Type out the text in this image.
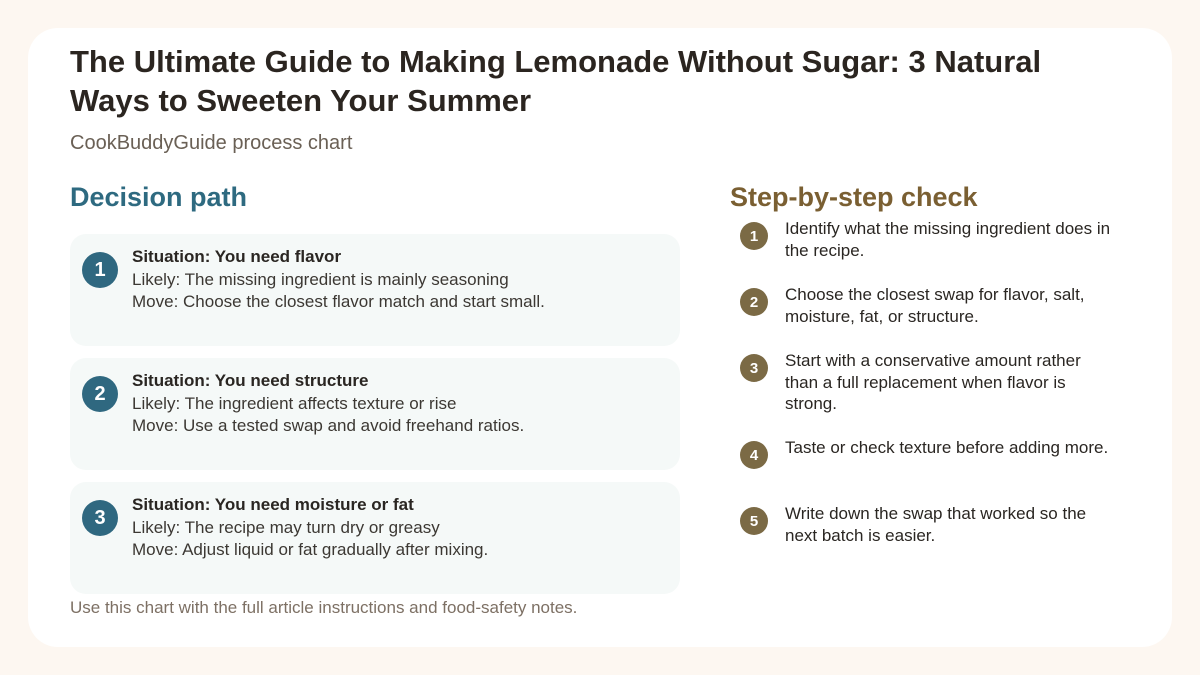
The Ultimate Guide to Making Lemonade Without Sugar: 3 Natural Ways to Sweeten Your Summer
CookBuddyGuide process chart
Decision path	Step-by-step check
1
Situation: You need flavor
Likely: The missing ingredient is mainly seasoning
Move: Choose the closest flavor match and start small.
2
Situation: You need structure
Likely: The ingredient affects texture or rise
Move: Use a tested swap and avoid freehand ratios.
3
Situation: You need moisture or fat
Likely: The recipe may turn dry or greasy
Move: Adjust liquid or fat gradually after mixing.
Use this chart with the full article instructions and food-safety notes.
1	Identify what the missing ingredient does in the recipe.
2	Choose the closest swap for flavor, salt, moisture, fat, or structure.
3	Start with a conservative amount rather than a full replacement when flavor is strong.
4	Taste or check texture before adding more.
5	Write down the swap that worked so the next batch is easier.
